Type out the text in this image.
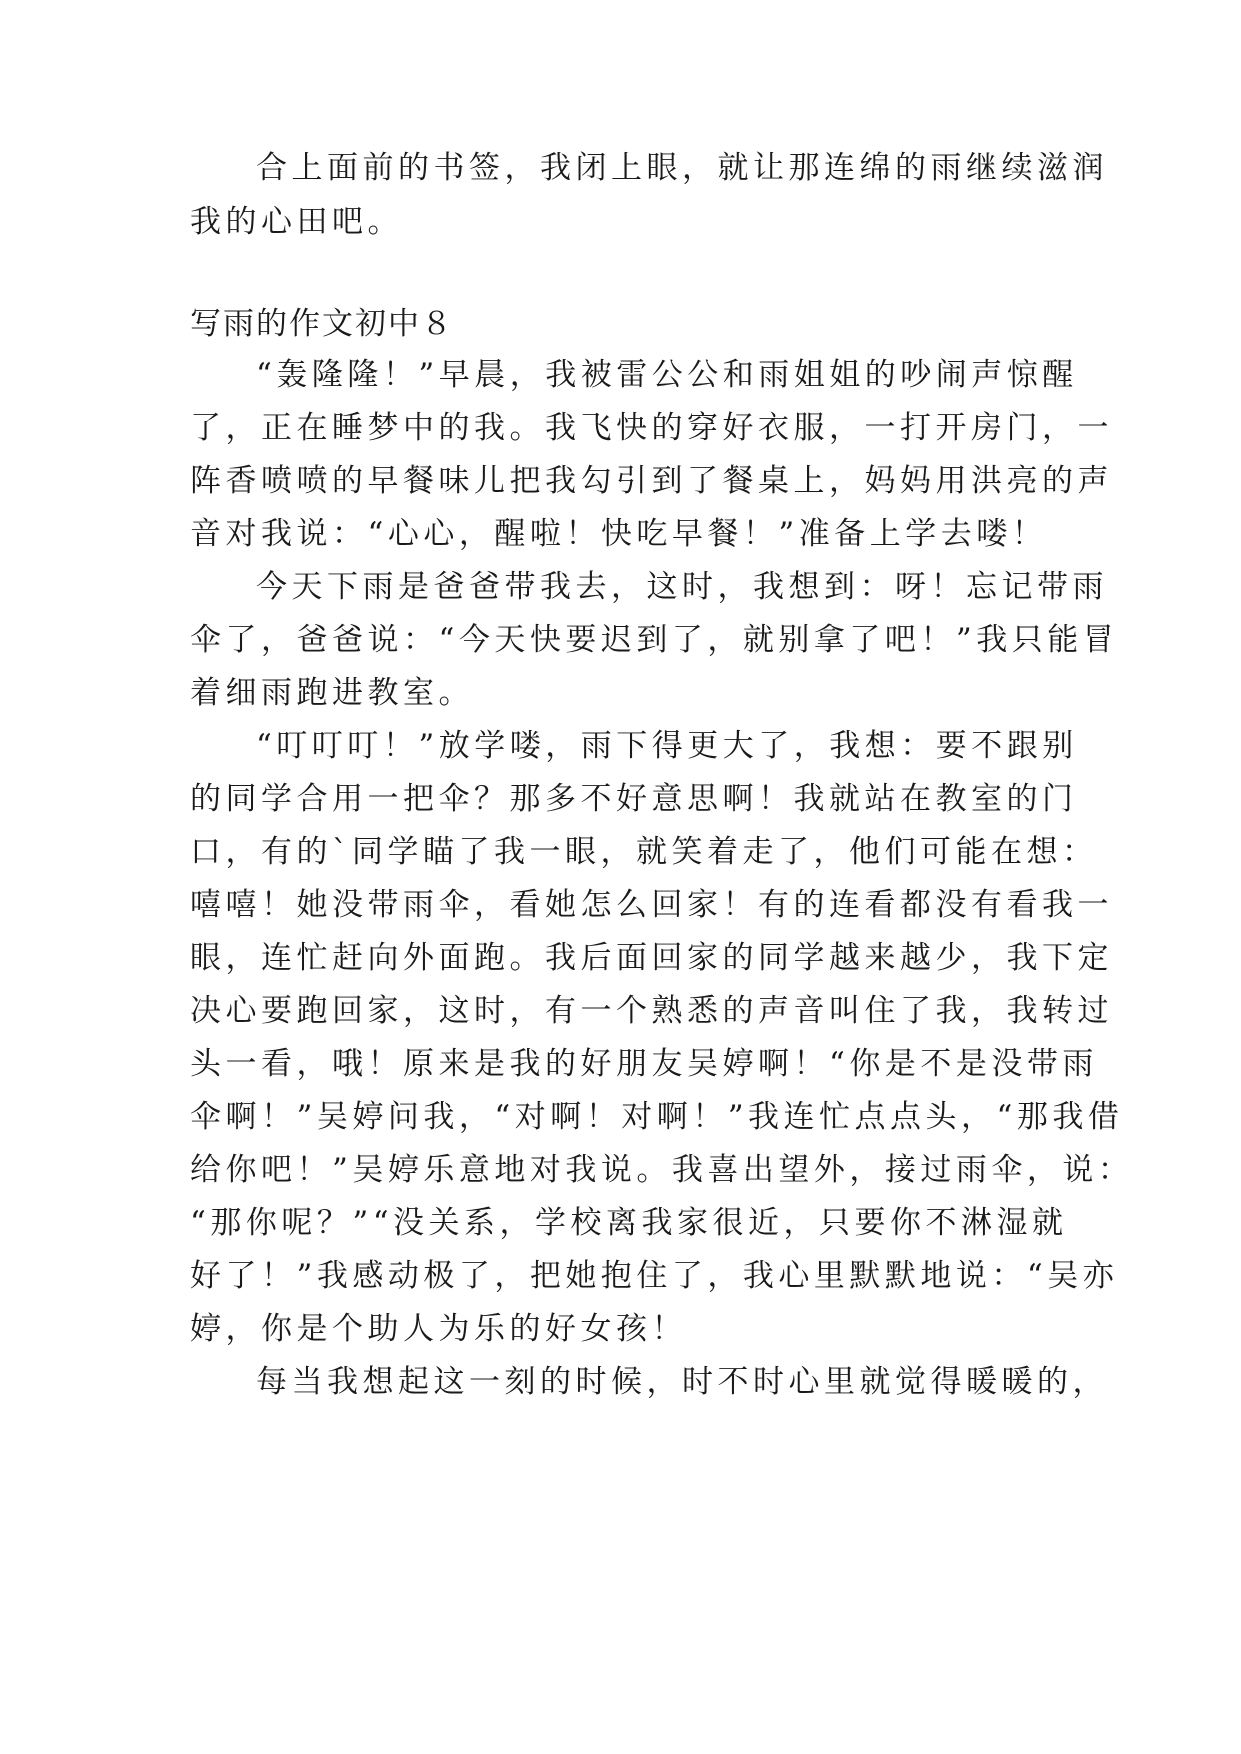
合上面前的书签，我闭上眼，就让那连绵的雨继续滋润
我的心田吧。
写雨的作文初中８
“轰隆隆！”早晨，我被雷公公和雨姐姐的吵闹声惊醒
了，正在睡梦中的我。我飞快的穿好衣服，一打开房门，一
阵香喷喷的早餐味儿把我勾引到了餐桌上，妈妈用洪亮的声
音对我说：“心心，醒啦！快吃早餐！”准备上学去喽！
今天下雨是爸爸带我去，这时，我想到：呀！忘记带雨
伞了，爸爸说：“今天快要迟到了，就别拿了吧！”我只能冒
着细雨跑进教室。
“叮叮叮！”放学喽，雨下得更大了，我想：要不跟别
的同学合用一把伞？那多不好意思啊！我就站在教室的门
口，有的`同学瞄了我一眼，就笑着走了，他们可能在想：
嘻嘻！她没带雨伞，看她怎么回家！有的连看都没有看我一
眼，连忙赶向外面跑。我后面回家的同学越来越少，我下定
决心要跑回家，这时，有一个熟悉的声音叫住了我，我转过
头一看，哦！原来是我的好朋友吴婷啊！“你是不是没带雨
伞啊！”吴婷问我，“对啊！对啊！”我连忙点点头，“那我借
给你吧！”吴婷乐意地对我说。我喜出望外，接过雨伞，说：
“那你呢？”“没关系，学校离我家很近，只要你不淋湿就
好了！”我感动极了，把她抱住了，我心里默默地说：“吴亦
婷，你是个助人为乐的好女孩！
每当我想起这一刻的时候，时不时心里就觉得暖暖的，
